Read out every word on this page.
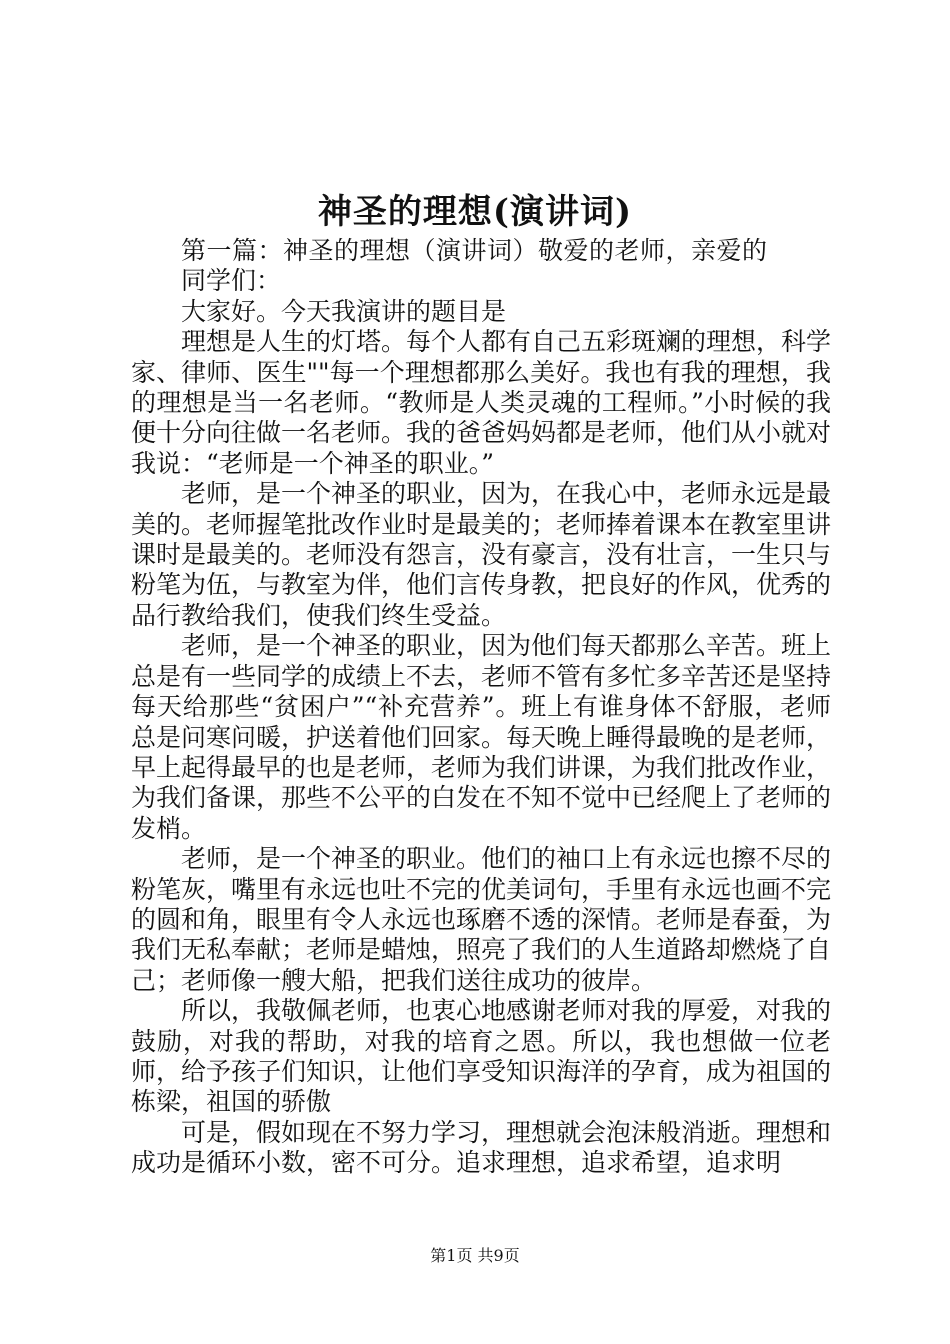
神圣的理想(演讲词)

第一篇：神圣的理想（演讲词）敬爱的老师，亲爱的同学们：

大家好。今天我演讲的题目是

理想是人生的灯塔。每个人都有自己五彩斑斓的理想，科学家、律师、医生""每一个理想都那么美好。我也有我的理想，我的理想是当一名老师。“教师是人类灵魂的工程师。”小时候的我便十分向往做一名老师。我的爸爸妈妈都是老师，他们从小就对我说：“老师是一个神圣的职业。”

老师，是一个神圣的职业，因为，在我心中，老师永远是最美的。老师握笔批改作业时是最美的；老师捧着课本在教室里讲课时是最美的。老师没有怨言，没有豪言，没有壮言，一生只与粉笔为伍，与教室为伴，他们言传身教，把良好的作风，优秀的品行教给我们，使我们终生受益。

老师，是一个神圣的职业，因为他们每天都那么辛苦。班上总是有一些同学的成绩上不去，老师不管有多忙多辛苦还是坚持每天给那些“贫困户”“补充营养”。班上有谁身体不舒服，老师总是问寒问暖，护送着他们回家。每天晚上睡得最晚的是老师，早上起得最早的也是老师，老师为我们讲课，为我们批改作业，为我们备课，那些不公平的白发在不知不觉中已经爬上了老师的发梢。

老师，是一个神圣的职业。他们的袖口上有永远也擦不尽的粉笔灰，嘴里有永远也吐不完的优美词句，手里有永远也画不完的圆和角，眼里有令人永远也琢磨不透的深情。老师是春蚕，为我们无私奉献；老师是蜡烛，照亮了我们的人生道路却燃烧了自己；老师像一艘大船，把我们送往成功的彼岸。

所以，我敬佩老师，也衷心地感谢老师对我的厚爱，对我的鼓励，对我的帮助，对我的培育之恩。所以，我也想做一位老师，给予孩子们知识，让他们享受知识海洋的孕育，成为祖国的栋梁，祖国的骄傲

可是，假如现在不努力学习，理想就会泡沫般消逝。理想和成功是循环小数，密不可分。追求理想，追求希望，追求明

第1页 共9页
